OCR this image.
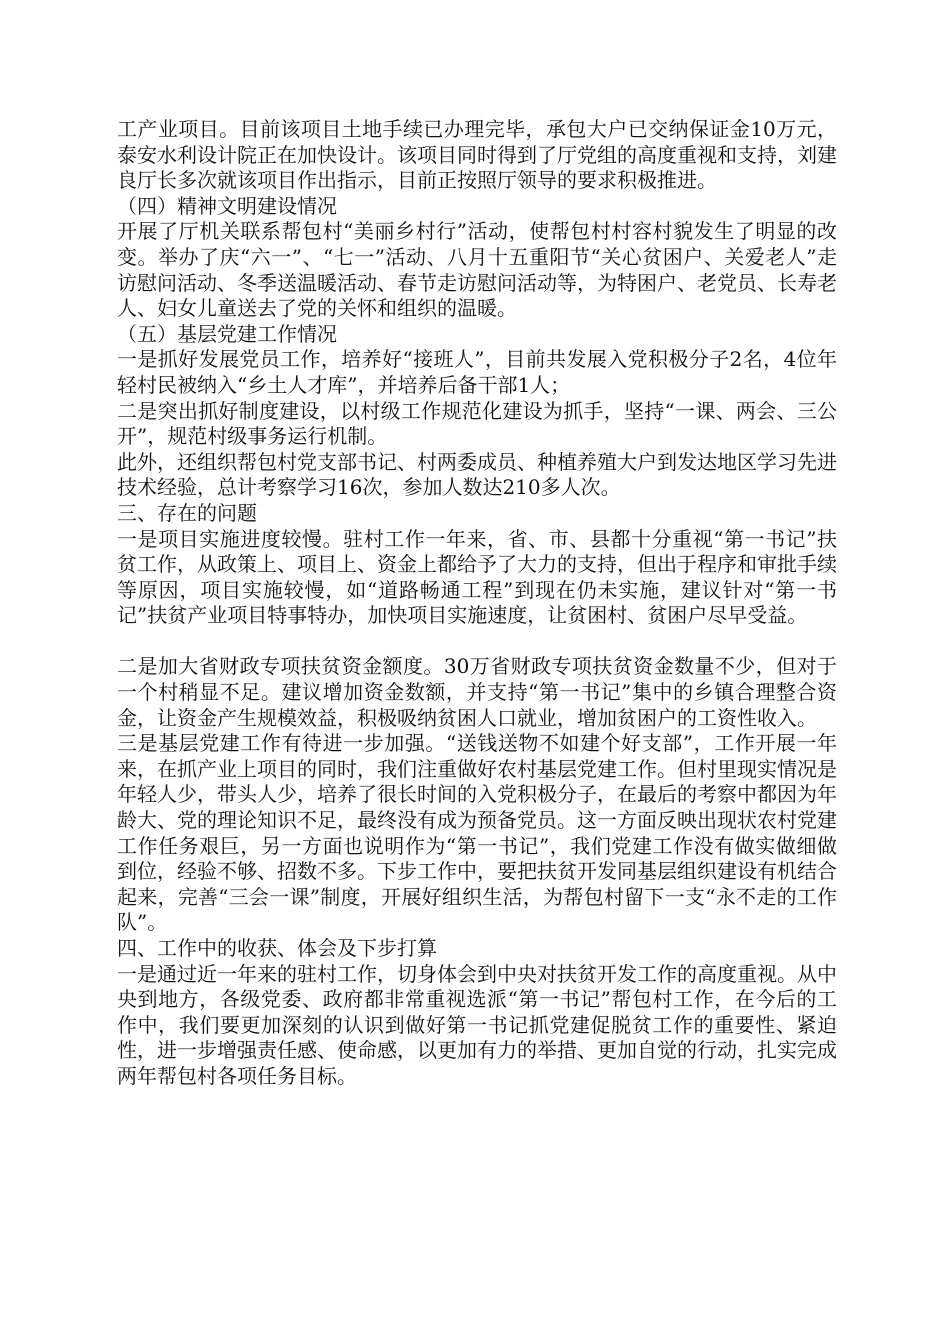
工产业项目。目前该项目土地手续已办理完毕，承包大户已交纳保证金10万元，泰安水利设计院正在加快设计。该项目同时得到了厅党组的高度重视和支持，刘建良厅长多次就该项目作出指示，目前正按照厅领导的要求积极推进。

（四）精神文明建设情况

开展了厅机关联系帮包村“美丽乡村行”活动，使帮包村村容村貌发生了明显的改变。举办了庆“六一”、“七一”活动、八月十五重阳节“关心贫困户、关爱老人”走访慰问活动、冬季送温暖活动、春节走访慰问活动等，为特困户、老党员、长寿老人、妇女儿童送去了党的关怀和组织的温暖。

（五）基层党建工作情况

一是抓好发展党员工作，培养好“接班人”，目前共发展入党积极分子2名，4位年轻村民被纳入“乡土人才库”，并培养后备干部1人；

二是突出抓好制度建设，以村级工作规范化建设为抓手，坚持“一课、两会、三公开”，规范村级事务运行机制。

此外，还组织帮包村党支部书记、村两委成员、种植养殖大户到发达地区学习先进技术经验，总计考察学习16次，参加人数达210多人次。

三、存在的问题

一是项目实施进度较慢。驻村工作一年来，省、市、县都十分重视“第一书记”扶贫工作，从政策上、项目上、资金上都给予了大力的支持，但出于程序和审批手续等原因，项目实施较慢，如“道路畅通工程”到现在仍未实施，建议针对“第一书记”扶贫产业项目特事特办，加快项目实施速度，让贫困村、贫困户尽早受益。

二是加大省财政专项扶贫资金额度。30万省财政专项扶贫资金数量不少，但对于一个村稍显不足。建议增加资金数额，并支持“第一书记”集中的乡镇合理整合资金，让资金产生规模效益，积极吸纳贫困人口就业，增加贫困户的工资性收入。

三是基层党建工作有待进一步加强。“送钱送物不如建个好支部”，工作开展一年来，在抓产业上项目的同时，我们注重做好农村基层党建工作。但村里现实情况是年轻人少，带头人少，培养了很长时间的入党积极分子，在最后的考察中都因为年龄大、党的理论知识不足，最终没有成为预备党员。这一方面反映出现状农村党建工作任务艰巨，另一方面也说明作为“第一书记”，我们党建工作没有做实做细做到位，经验不够、招数不多。下步工作中，要把扶贫开发同基层组织建设有机结合起来，完善“三会一课”制度，开展好组织生活，为帮包村留下一支“永不走的工作队”。

四、工作中的收获、体会及下步打算

一是通过近一年来的驻村工作，切身体会到中央对扶贫开发工作的高度重视。从中央到地方，各级党委、政府都非常重视选派“第一书记”帮包村工作，在今后的工作中，我们要更加深刻的认识到做好第一书记抓党建促脱贫工作的重要性、紧迫性，进一步增强责任感、使命感，以更加有力的举措、更加自觉的行动，扎实完成两年帮包村各项任务目标。
